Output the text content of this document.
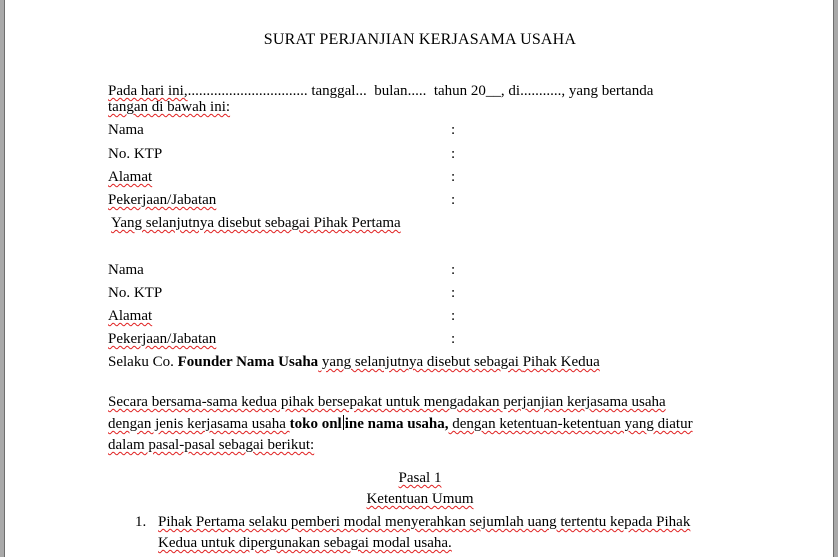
SURAT PERJANJIAN KERJASAMA USAHA
Pada hari ini,................................ tanggal... bulan..... tahun 20__, di..........., yang bertanda
tangan di bawah ini:
Nama	:
No. KTP	:
Alamat	:
Pekerjaan/Jabatan	:
Yang selanjutnya disebut sebagai Pihak Pertama
Nama	:
No. KTP	:
Alamat	:
Pekerjaan/Jabatan	:
Selaku Co. Founder Nama Usaha yang selanjutnya disebut sebagai Pihak Kedua
Secara bersama-sama kedua pihak bersepakat untuk mengadakan perjanjian kerjasama usaha
dengan jenis kerjasama usaha toko onl ine nama usaha, dengan ketentuan-ketentuan yang diatur
dalam pasal-pasal sebagai berikut:
Pasal 1
Ketentuan Umum
1. Pihak Pertama selaku pemberi modal menyerahkan sejumlah uang tertentu kepada Pihak
Kedua untuk dipergunakan sebagai modal usaha.
